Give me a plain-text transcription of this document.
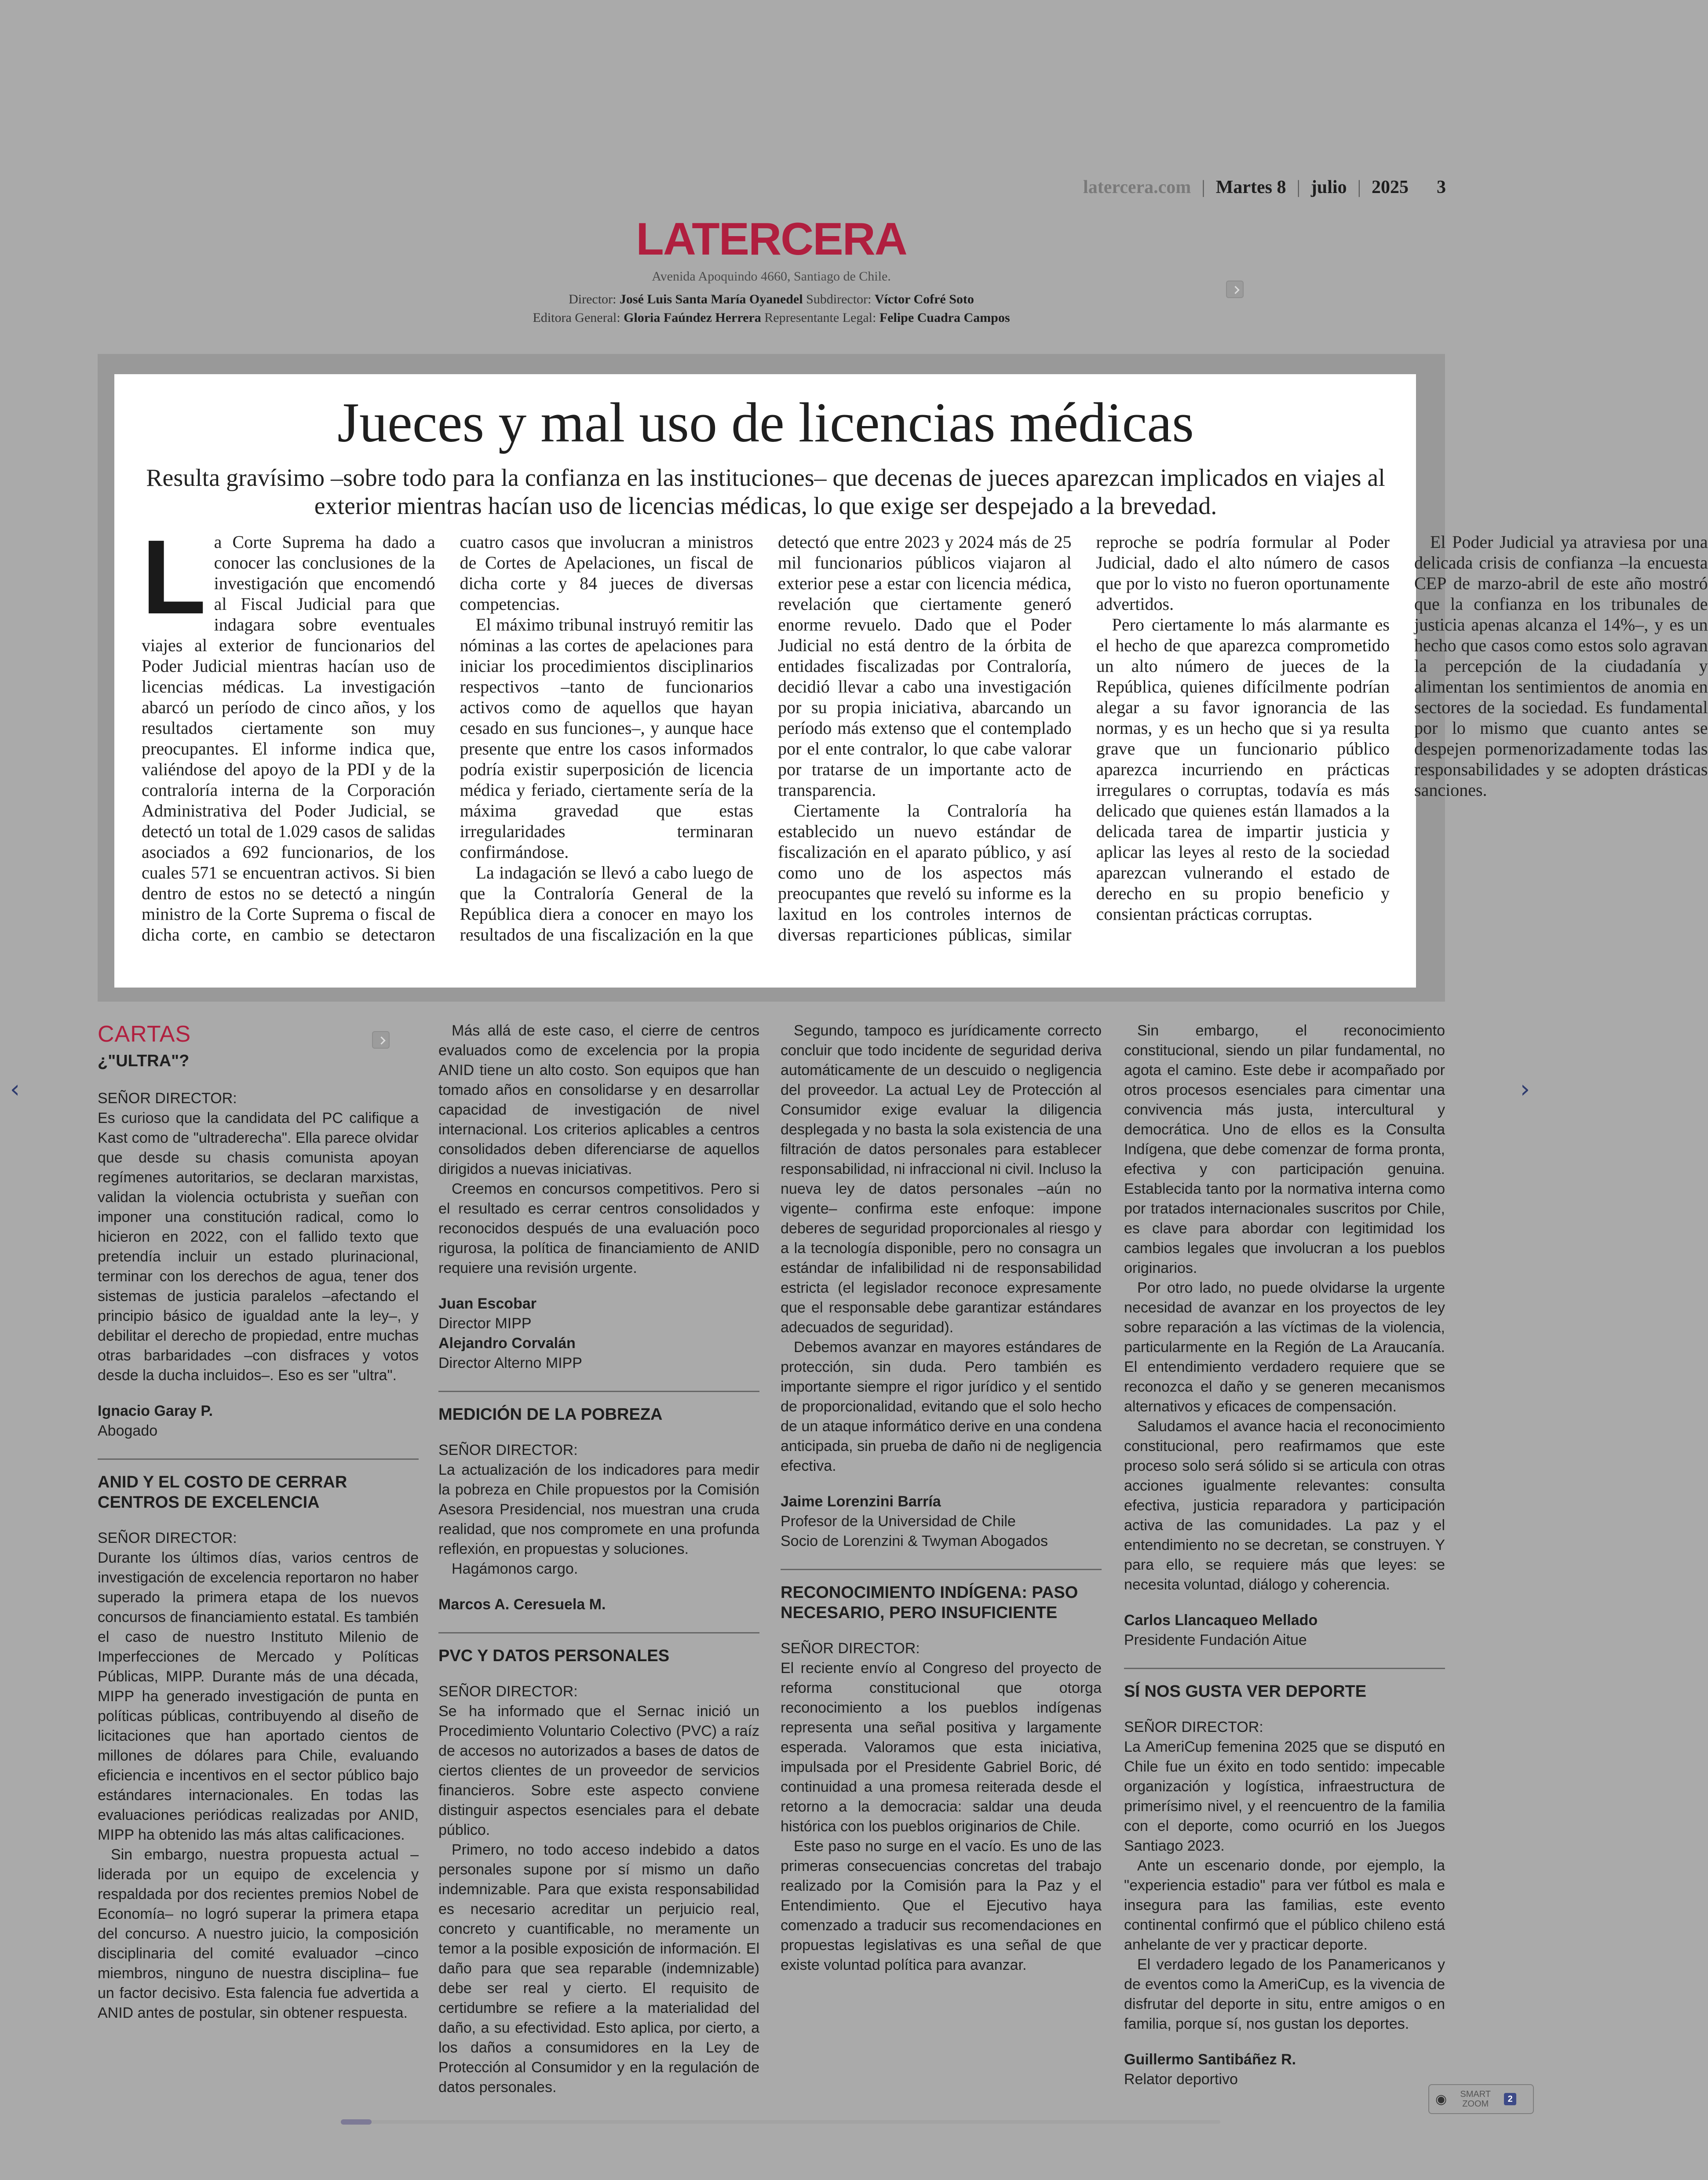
latercera.com | Martes 8 | julio | 2025 3
LATERCERA
Avenida Apoquindo 4660, Santiago de Chile.
Director: José Luis Santa María Oyanedel Subdirector: Víctor Cofré Soto
Editora General: Gloria Faúndez Herrera Representante Legal: Felipe Cuadra Campos
Jueces y mal uso de licencias médicas

Resulta gravísimo –sobre todo para la confianza en las instituciones– que decenas de jueces aparezcan implicados en viajes al exterior mientras hacían uso de licencias médicas, lo que exige ser despejado a la brevedad.

La Corte Suprema ha dado a conocer las conclusiones de la investigación que encomendó al Fiscal Judicial para que indagara sobre eventuales viajes al exterior de funcionarios del Poder Judicial mientras hacían uso de licencias médicas. La investigación abarcó un período de cinco años, y los resultados ciertamente son muy preocupantes. El informe indica que, valiéndose del apoyo de la PDI y de la contraloría interna de la Corporación Administrativa del Poder Judicial, se detectó un total de 1.029 casos de salidas asociados a 692 funcionarios, de los cuales 571 se encuentran activos. Si bien dentro de estos no se detectó a ningún ministro de la Corte Suprema o fiscal de dicha corte, en cambio se detectaron cuatro casos que involucran a ministros de Cortes de Apelaciones, un fiscal de dicha corte y 84 jueces de diversas competencias.

El máximo tribunal instruyó remitir las nóminas a las cortes de apelaciones para iniciar los procedimientos disciplinarios respectivos –tanto de funcionarios activos como de aquellos que hayan cesado en sus funciones–, y aunque hace presente que entre los casos informados podría existir superposición de licencia médica y feriado, ciertamente sería de la máxima gravedad que estas irregularidades terminaran confirmándose.

La indagación se llevó a cabo luego de que la Contraloría General de la República diera a conocer en mayo los resultados de una fiscalización en la que detectó que entre 2023 y 2024 más de 25 mil funcionarios públicos viajaron al exterior pese a estar con licencia médica, revelación que ciertamente generó enorme revuelo. Dado que el Poder Judicial no está dentro de la órbita de entidades fiscalizadas por Contraloría, decidió llevar a cabo una investigación por su propia iniciativa, abarcando un período más extenso que el contemplado por el ente contralor, lo que cabe valorar por tratarse de un importante acto de transparencia.

Ciertamente la Contraloría ha establecido un nuevo estándar de fiscalización en el aparato público, y así como uno de los aspectos más preocupantes que reveló su informe es la laxitud en los controles internos de diversas reparticiones públicas, similar reproche se podría formular al Poder Judicial, dado el alto número de casos que por lo visto no fueron oportunamente advertidos.

Pero ciertamente lo más alarmante es el hecho de que aparezca comprometido un alto número de jueces de la República, quienes difícilmente podrían alegar a su favor ignorancia de las normas, y es un hecho que si ya resulta grave que un funcionario público aparezca incurriendo en prácticas irregulares o corruptas, todavía es más delicado que quienes están llamados a la delicada tarea de impartir justicia y aplicar las leyes al resto de la sociedad aparezcan vulnerando el estado de derecho en su propio beneficio y consientan prácticas corruptas.

El Poder Judicial ya atraviesa por una delicada crisis de confianza –la encuesta CEP de marzo-abril de este año mostró que la confianza en los tribunales de justicia apenas alcanza el 14%–, y es un hecho que casos como estos solo agravan la percepción de la ciudadanía y alimentan los sentimientos de anomia en sectores de la sociedad. Es fundamental por lo mismo que cuanto antes se despejen pormenorizadamente todas las responsabilidades y se adopten drásticas sanciones.

CARTAS
¿"ULTRA"?

SEÑOR DIRECTOR:

Es curioso que la candidata del PC califique a Kast como de "ultraderecha". Ella parece olvidar que desde su chasis comunista apoyan regímenes autoritarios, se declaran marxistas, validan la violencia octubrista y sueñan con imponer una constitución radical, como lo hicieron en 2022, con el fallido texto que pretendía incluir un estado plurinacional, terminar con los derechos de agua, tener dos sistemas de justicia paralelos –afectando el principio básico de igualdad ante la ley–, y debilitar el derecho de propiedad, entre muchas otras barbaridades –con disfraces y votos desde la ducha incluidos–. Eso es ser "ultra".

Ignacio Garay P.

Abogado

ANID Y EL COSTO DE CERRAR CENTROS DE EXCELENCIA

SEÑOR DIRECTOR:

Durante los últimos días, varios centros de investigación de excelencia reportaron no haber superado la primera etapa de los nuevos concursos de financiamiento estatal. Es también el caso de nuestro Instituto Milenio de Imperfecciones de Mercado y Políticas Públicas, MIPP. Durante más de una década, MIPP ha generado investigación de punta en políticas públicas, contribuyendo al diseño de licitaciones que han aportado cientos de millones de dólares para Chile, evaluando eficiencia e incentivos en el sector público bajo estándares internacionales. En todas las evaluaciones periódicas realizadas por ANID, MIPP ha obtenido las más altas calificaciones.

Sin embargo, nuestra propuesta actual –liderada por un equipo de excelencia y respaldada por dos recientes premios Nobel de Economía– no logró superar la primera etapa del concurso. A nuestro juicio, la composición disciplinaria del comité evaluador –cinco miembros, ninguno de nuestra disciplina– fue un factor decisivo. Esta falencia fue advertida a ANID antes de postular, sin obtener respuesta.

Más allá de este caso, el cierre de centros evaluados como de excelencia por la propia ANID tiene un alto costo. Son equipos que han tomado años en consolidarse y en desarrollar capacidad de investigación de nivel internacional. Los criterios aplicables a centros consolidados deben diferenciarse de aquellos dirigidos a nuevas iniciativas.

Creemos en concursos competitivos. Pero si el resultado es cerrar centros consolidados y reconocidos después de una evaluación poco rigurosa, la política de financiamiento de ANID requiere una revisión urgente.

Juan Escobar

Director MIPP

Alejandro Corvalán

Director Alterno MIPP

MEDICIÓN DE LA POBREZA

SEÑOR DIRECTOR:

La actualización de los indicadores para medir la pobreza en Chile propuestos por la Comisión Asesora Presidencial, nos muestran una cruda realidad, que nos compromete en una profunda reflexión, en propuestas y soluciones.

Hagámonos cargo.

Marcos A. Ceresuela M.

PVC Y DATOS PERSONALES

SEÑOR DIRECTOR:

Se ha informado que el Sernac inició un Procedimiento Voluntario Colectivo (PVC) a raíz de accesos no autorizados a bases de datos de ciertos clientes de un proveedor de servicios financieros. Sobre este aspecto conviene distinguir aspectos esenciales para el debate público.

Primero, no todo acceso indebido a datos personales supone por sí mismo un daño indemnizable. Para que exista responsabilidad es necesario acreditar un perjuicio real, concreto y cuantificable, no meramente un temor a la posible exposición de información. El daño para que sea reparable (indemnizable) debe ser real y cierto. El requisito de certidumbre se refiere a la materialidad del daño, a su efectividad. Esto aplica, por cierto, a los daños a consumidores en la Ley de Protección al Consumidor y en la regulación de datos personales.

Segundo, tampoco es jurídicamente correcto concluir que todo incidente de seguridad deriva automáticamente de un descuido o negligencia del proveedor. La actual Ley de Protección al Consumidor exige evaluar la diligencia desplegada y no basta la sola existencia de una filtración de datos personales para establecer responsabilidad, ni infraccional ni civil. Incluso la nueva ley de datos personales –aún no vigente– confirma este enfoque: impone deberes de seguridad proporcionales al riesgo y a la tecnología disponible, pero no consagra un estándar de infalibilidad ni de responsabilidad estricta (el legislador reconoce expresamente que el responsable debe garantizar estándares adecuados de seguridad).

Debemos avanzar en mayores estándares de protección, sin duda. Pero también es importante siempre el rigor jurídico y el sentido de proporcionalidad, evitando que el solo hecho de un ataque informático derive en una condena anticipada, sin prueba de daño ni de negligencia efectiva.

Jaime Lorenzini Barría

Profesor de la Universidad de Chile

Socio de Lorenzini & Twyman Abogados

RECONOCIMIENTO INDÍGENA: PASO NECESARIO, PERO INSUFICIENTE

SEÑOR DIRECTOR:

El reciente envío al Congreso del proyecto de reforma constitucional que otorga reconocimiento a los pueblos indígenas representa una señal positiva y largamente esperada. Valoramos que esta iniciativa, impulsada por el Presidente Gabriel Boric, dé continuidad a una promesa reiterada desde el retorno a la democracia: saldar una deuda histórica con los pueblos originarios de Chile.

Este paso no surge en el vacío. Es uno de las primeras consecuencias concretas del trabajo realizado por la Comisión para la Paz y el Entendimiento. Que el Ejecutivo haya comenzado a traducir sus recomendaciones en propuestas legislativas es una señal de que existe voluntad política para avanzar.

Sin embargo, el reconocimiento constitucional, siendo un pilar fundamental, no agota el camino. Este debe ir acompañado por otros procesos esenciales para cimentar una convivencia más justa, intercultural y democrática. Uno de ellos es la Consulta Indígena, que debe comenzar de forma pronta, efectiva y con participación genuina. Establecida tanto por la normativa interna como por tratados internacionales suscritos por Chile, es clave para abordar con legitimidad los cambios legales que involucran a los pueblos originarios.

Por otro lado, no puede olvidarse la urgente necesidad de avanzar en los proyectos de ley sobre reparación a las víctimas de la violencia, particularmente en la Región de La Araucanía. El entendimiento verdadero requiere que se reconozca el daño y se generen mecanismos alternativos y eficaces de compensación.

Saludamos el avance hacia el reconocimiento constitucional, pero reafirmamos que este proceso solo será sólido si se articula con otras acciones igualmente relevantes: consulta efectiva, justicia reparadora y participación activa de las comunidades. La paz y el entendimiento no se decretan, se construyen. Y para ello, se requiere más que leyes: se necesita voluntad, diálogo y coherencia.

Carlos Llancaqueo Mellado

Presidente Fundación Aitue

SÍ NOS GUSTA VER DEPORTE

SEÑOR DIRECTOR:

La AmeriCup femenina 2025 que se disputó en Chile fue un éxito en todo sentido: impecable organización y logística, infraestructura de primerísimo nivel, y el reencuentro de la familia con el deporte, como ocurrió en los Juegos Santiago 2023.

Ante un escenario donde, por ejemplo, la "experiencia estadio" para ver fútbol es mala e insegura para las familias, este evento continental confirmó que el público chileno está anhelante de ver y practicar deporte.

El verdadero legado de los Panamericanos y de eventos como la AmeriCup, es la vivencia de disfrutar del deporte in situ, entre amigos o en familia, porque sí, nos gustan los deportes.

Guillermo Santibáñez R.

Relator deportivo

‹	›
◉	SMART
ZOOM	2
